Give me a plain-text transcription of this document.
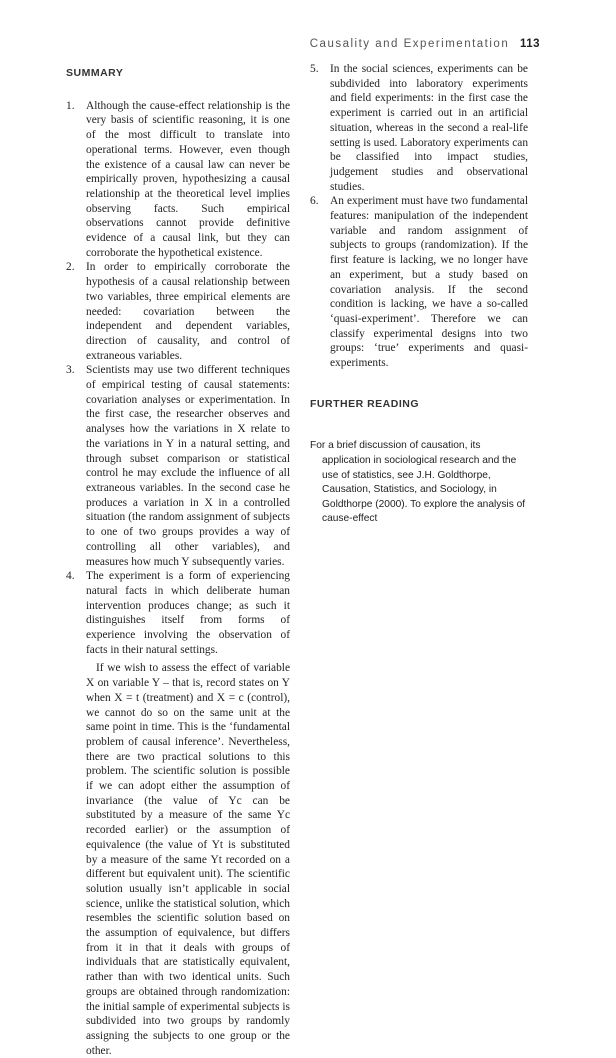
Causality and Experimentation 113
SUMMARY
1. Although the cause-effect relationship is the very basis of scientific reasoning, it is one of the most difficult to translate into operational terms. However, even though the existence of a causal law can never be empirically proven, hypothesizing a causal relationship at the theoretical level implies observing facts. Such empirical observations cannot provide definitive evidence of a causal link, but they can corroborate the hypothetical existence.

2. In order to empirically corroborate the hypothesis of a causal relationship between two variables, three empirical elements are needed: covariation between the independent and dependent variables, direction of causality, and control of extraneous variables.

3. Scientists may use two different techniques of empirical testing of causal statements: covariation analyses or experimentation. In the first case, the researcher observes and analyses how the variations in X relate to the variations in Y in a natural setting, and through subset comparison or statistical control he may exclude the influence of all extraneous variables. In the second case he produces a variation in X in a controlled situation (the random assignment of subjects to one of two groups provides a way of controlling all other variables), and measures how much Y subsequently varies.

4. The experiment is a form of experiencing natural facts in which deliberate human intervention produces change; as such it distinguishes itself from forms of experience involving the observation of facts in their natural settings.

If we wish to assess the effect of variable X on variable Y – that is, record states on Y when X = t (treatment) and X = c (control), we cannot do so on the same unit at the same point in time. This is the ‘fundamental problem of causal inference’. Nevertheless, there are two practical solutions to this problem. The scientific solution is possible if we can adopt either the assumption of invariance (the value of Yc can be substituted by a measure of the same Yc recorded earlier) or the assumption of equivalence (the value of Yt is substituted by a measure of the same Yt recorded on a different but equivalent unit). The scientific solution usually isn’t applicable in social science, unlike the statistical solution, which resembles the scientific solution based on the assumption of equivalence, but differs from it in that it deals with groups of individuals that are statistically equivalent, rather than with two identical units. Such groups are obtained through randomization: the initial sample of experimental subjects is subdivided into two groups by randomly assigning the subjects to one group or the other.

5. In the social sciences, experiments can be subdivided into laboratory experiments and field experiments: in the first case the experiment is carried out in an artificial situation, whereas in the second a real-life setting is used. Laboratory experiments can be classified into impact studies, judgement studies and observational studies.

6. An experiment must have two fundamental features: manipulation of the independent variable and random assignment of subjects to groups (randomization). If the first feature is lacking, we no longer have an experiment, but a study based on covariation analysis. If the second condition is lacking, we have a so-called ‘quasi-experiment’. Therefore we can classify experimental designs into two groups: ‘true’ experiments and quasi-experiments.

FURTHER READING

For a brief discussion of causation, its application in sociological research and the use of statistics, see J.H. Goldthorpe, Causation, Statistics, and Sociology, in Goldthorpe (2000). To explore the analysis of cause-effect
